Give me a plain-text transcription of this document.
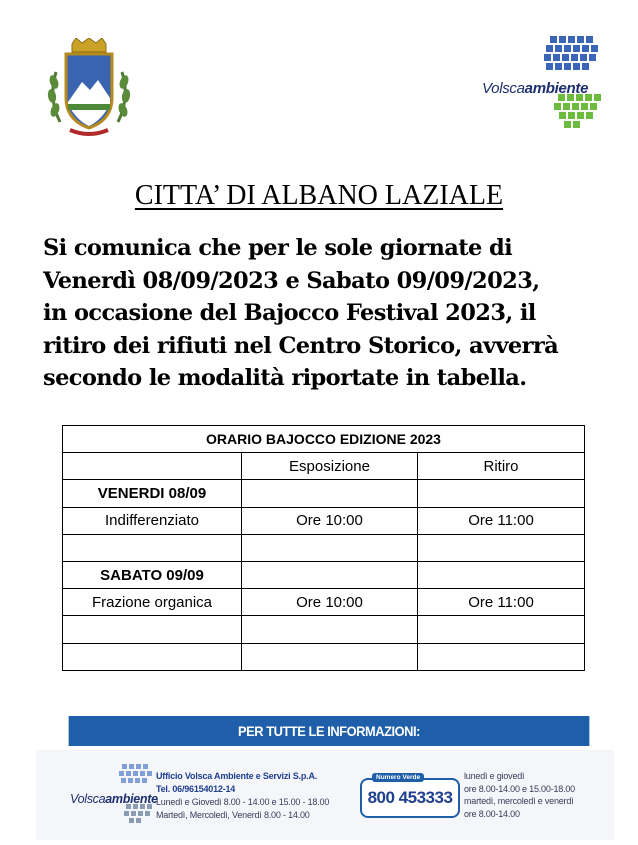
Volscaambiente
CITTA’ DI ALBANO LAZIALE
Si comunica che per le sole giornate di
Venerdì 08/09/2023 e Sabato 09/09/2023,
in occasione del Bajocco Festival 2023, il
ritiro dei rifiuti nel Centro Storico, avverrà
secondo le modalità riportate in tabella.
ORARIO BAJOCCO EDIZIONE 2023		
	Esposizione	Ritiro
VENERDI 08/09		
Indifferenziato	Ore 10:00	Ore 11:00

SABATO 09/09		
Frazione organica	Ore 10:00	Ore 11:00

PER TUTTE LE INFORMAZIONI:
Volscaambiente
Ufficio Volsca Ambiente e Servizi S.p.A.
Tel. 06/96154012-14
Lunedì e Giovedì 8.00 - 14.00 e 15.00 - 18.00
Martedì, Mercoledì, Venerdì 8.00 - 14.00
Numero Verde
800 453333
lunedì e giovedì
ore 8.00-14.00 e 15.00-18.00
martedì, mercoledì e venerdì
ore 8.00-14.00
